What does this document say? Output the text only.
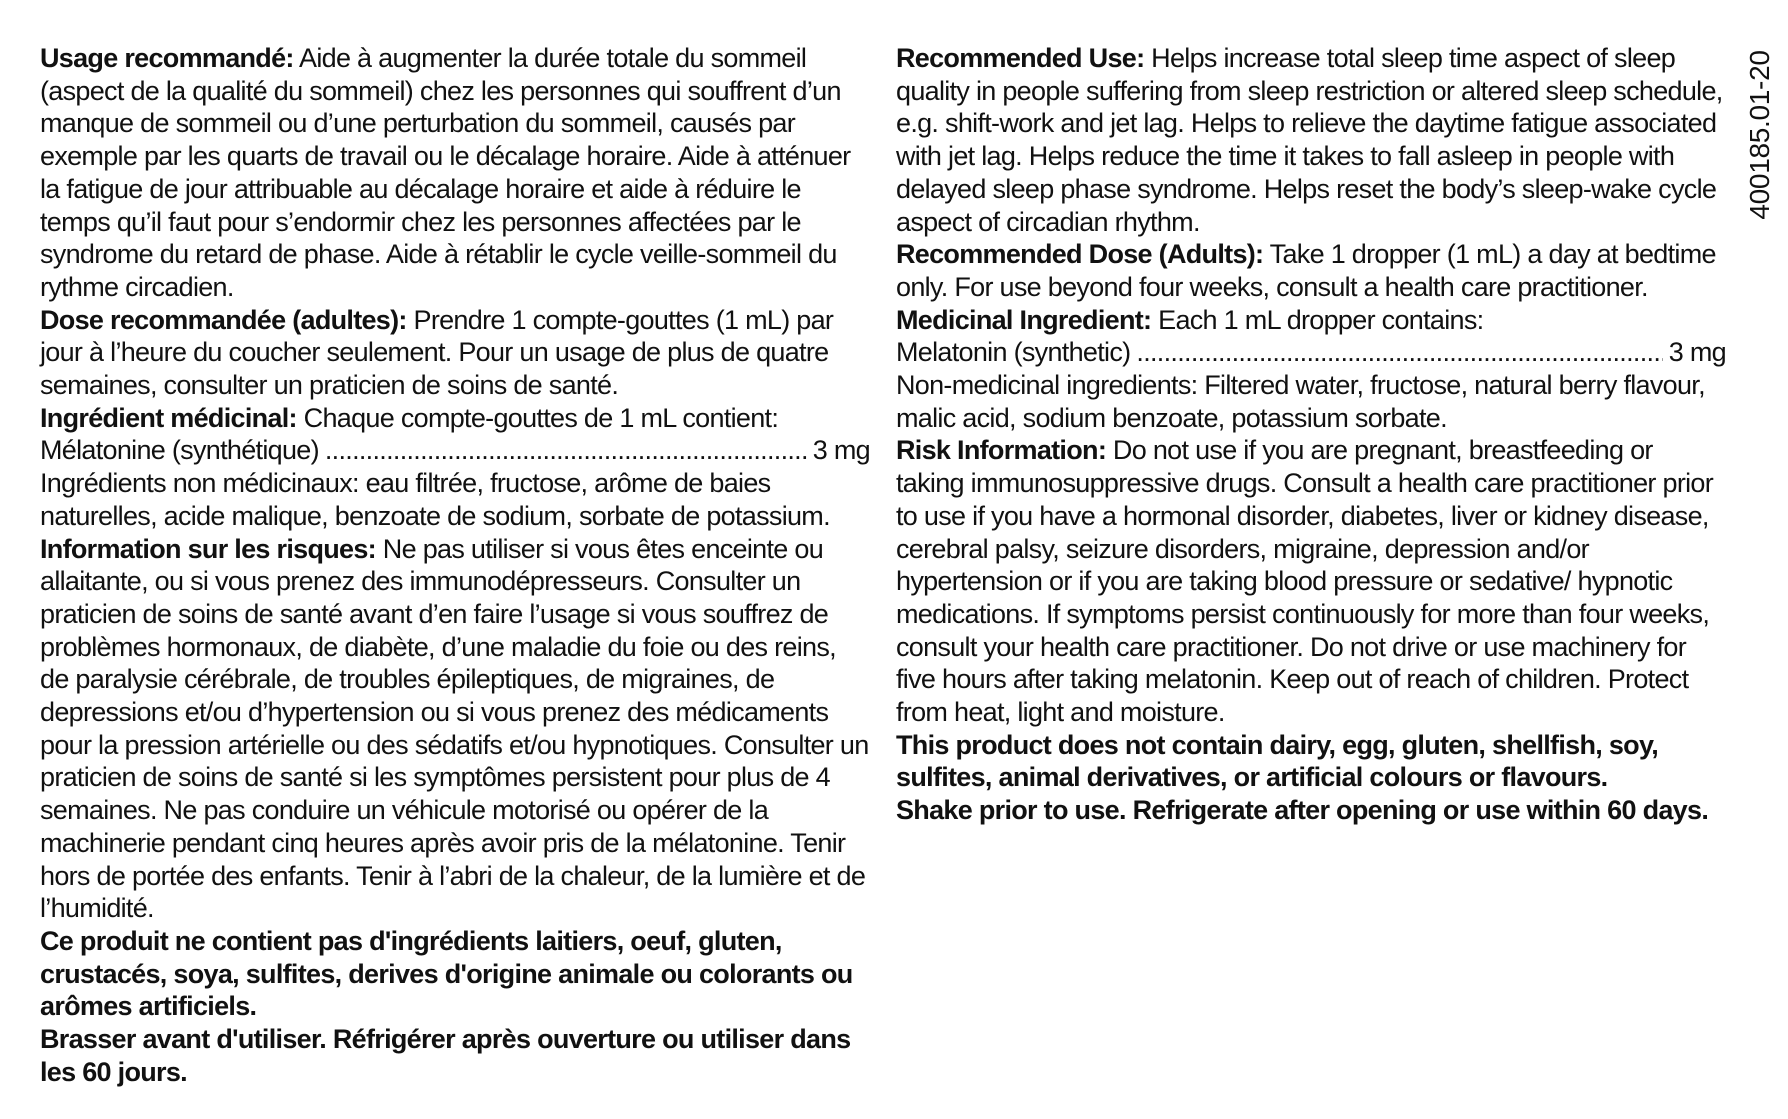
Usage recommandé: Aide à augmenter la durée totale du sommeil (aspect de la qualité du sommeil) chez les personnes qui souffrent d’un manque de sommeil ou d’une perturbation du sommeil, causés par exemple par les quarts de travail ou le décalage horaire. Aide à atténuer la fatigue de jour attribuable au décalage horaire et aide à réduire le temps qu’il faut pour s’endormir chez les personnes affectées par le syndrome du retard de phase. Aide à rétablir le cycle veille-sommeil du rythme circadien.

Dose recommandée (adultes): Prendre 1 compte-gouttes (1 mL) par jour à l’heure du coucher seulement. Pour un usage de plus de quatre semaines, consulter un praticien de soins de santé.

Ingrédient médicinal: Chaque compte-gouttes de 1 mL contient:

Mélatonine (synthétique) .....	3 mg

Ingrédients non médicinaux: eau filtrée, fructose, arôme de baies naturelles, acide malique, benzoate de sodium, sorbate de potassium.

Information sur les risques: Ne pas utiliser si vous êtes enceinte ou allaitante, ou si vous prenez des immunodépresseurs. Consulter un praticien de soins de santé avant d’en faire l’usage si vous souffrez de problèmes hormonaux, de diabète, d’une maladie du foie ou des reins, de paralysie cérébrale, de troubles épileptiques, de migraines, de depressions et/ou d’hypertension ou si vous prenez des médicaments pour la pression artérielle ou des sédatifs et/ou hypnotiques. Consulter un praticien de soins de santé si les symptômes persistent pour plus de 4 semaines. Ne pas conduire un véhicule motorisé ou opérer de la machinerie pendant cinq heures après avoir pris de la mélatonine. Tenir hors de portée des enfants. Tenir à l’abri de la chaleur, de la lumière et de l’humidité.

Ce produit ne contient pas d'ingrédients laitiers, oeuf, gluten, crustacés, soya, sulfites, derives d'origine animale ou colorants ou arômes artificiels.

Brasser avant d'utiliser. Réfrigérer après ouverture ou utiliser dans les 60 jours.

Recommended Use: Helps increase total sleep time aspect of sleep quality in people suffering from sleep restriction or altered sleep schedule, e.g. shift-work and jet lag. Helps to relieve the daytime fatigue associated with jet lag. Helps reduce the time it takes to fall asleep in people with delayed sleep phase syndrome. Helps reset the body’s sleep-wake cycle aspect of circadian rhythm.

Recommended Dose (Adults): Take 1 dropper (1 mL) a day at bedtime only. For use beyond four weeks, consult a health care practitioner.

Medicinal Ingredient: Each 1 mL dropper contains:

Melatonin (synthetic) .....	3 mg

Non-medicinal ingredients: Filtered water, fructose, natural berry flavour, malic acid, sodium benzoate, potassium sorbate.

Risk Information: Do not use if you are pregnant, breastfeeding or taking immunosuppressive drugs. Consult a health care practitioner prior to use if you have a hormonal disorder, diabetes, liver or kidney disease, cerebral palsy, seizure disorders, migraine, depression and/or hypertension or if you are taking blood pressure or sedative/ hypnotic medications. If symptoms persist continuously for more than four weeks, consult your health care practitioner. Do not drive or use machinery for five hours after taking melatonin. Keep out of reach of children. Protect from heat, light and moisture.

This product does not contain dairy, egg, gluten, shellfish, soy, sulfites, animal derivatives, or artificial colours or flavours.

Shake prior to use. Refrigerate after opening or use within 60 days.

400185.01-20
